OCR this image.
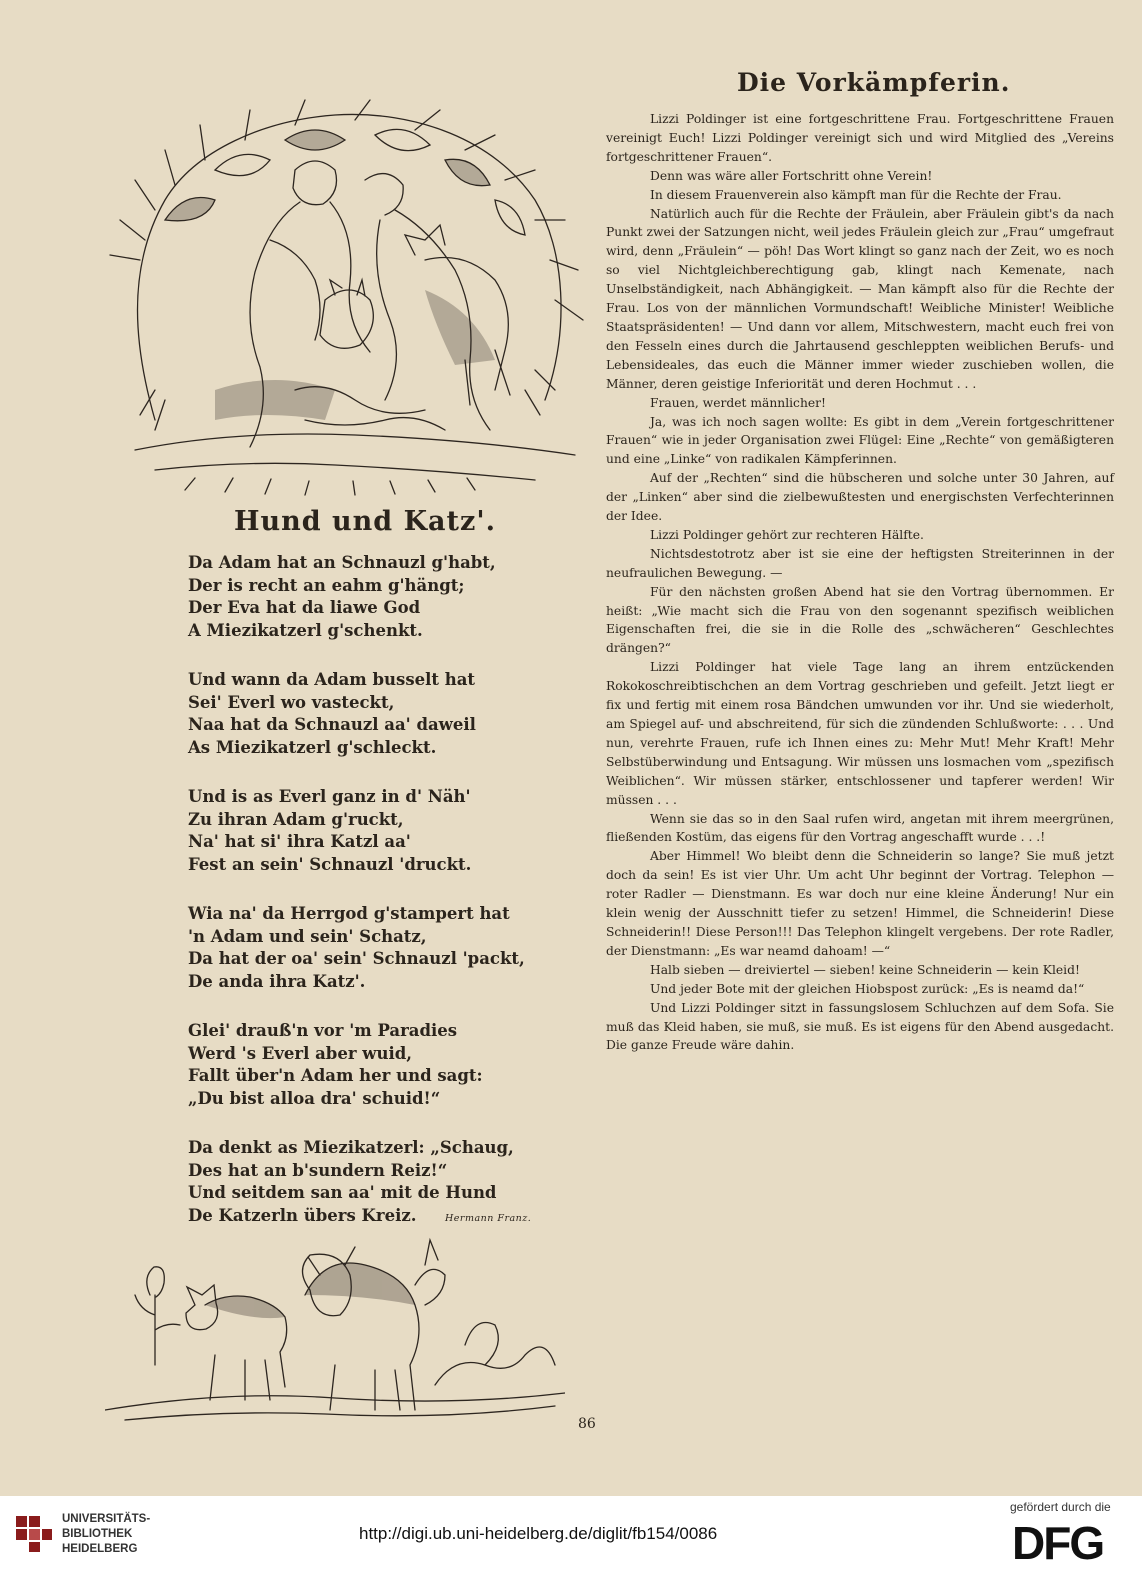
Hund und Katz'.
Da Adam hat an Schnauzl g'habt,
Der is recht an eahm g'hängt;
Der Eva hat da liawe God
A Miezikatzerl g'schenkt.
Und wann da Adam busselt hat
Sei' Everl wo vasteckt,
Naa hat da Schnauzl aa' daweil
As Miezikatzerl g'schleckt.
Und is as Everl ganz in d' Näh'
Zu ihran Adam g'ruckt,
Na' hat si' ihra Katzl aa'
Fest an sein' Schnauzl 'druckt.
Wia na' da Herrgod g'stampert hat
'n Adam und sein' Schatz,
Da hat der oa' sein' Schnauzl 'packt,
De anda ihra Katz'.
Glei' drauß'n vor 'm Paradies
Werd 's Everl aber wuid,
Fallt über'n Adam her und sagt:
„Du bist alloa dra' schuid!“
Da denkt as Miezikatzerl: „Schaug,
Des hat an b'sundern Reiz!“
Und seitdem san aa' mit de Hund
De Katzerln übers Kreiz.	Hermann Franz.
Die Vorkämpferin.

Lizzi Poldinger ist eine fortgeschrittene Frau. Fortgeschrittene Frauen vereinigt Euch! Lizzi Poldinger vereinigt sich und wird Mitglied des „Vereins fortgeschrittener Frauen“.

Denn was wäre aller Fortschritt ohne Verein!

In diesem Frauenverein also kämpft man für die Rechte der Frau.

Natürlich auch für die Rechte der Fräulein, aber Fräulein gibt's da nach Punkt zwei der Satzungen nicht, weil jedes Fräulein gleich zur „Frau“ umgefraut wird, denn „Fräulein“ — pöh! Das Wort klingt so ganz nach der Zeit, wo es noch so viel Nichtgleichberechtigung gab, klingt nach Kemenate, nach Unselbständigkeit, nach Abhängigkeit. — Man kämpft also für die Rechte der Frau. Los von der männlichen Vormundschaft! Weibliche Minister! Weibliche Staatspräsidenten! — Und dann vor allem, Mitschwestern, macht euch frei von den Fesseln eines durch die Jahrtausend geschleppten weiblichen Berufs- und Lebensideales, das euch die Männer immer wieder zuschieben wollen, die Männer, deren geistige Inferiorität und deren Hochmut . . .

Frauen, werdet männlicher!

Ja, was ich noch sagen wollte: Es gibt in dem „Verein fortgeschrittener Frauen“ wie in jeder Organisation zwei Flügel: Eine „Rechte“ von gemäßigteren und eine „Linke“ von radikalen Kämpferinnen.

Auf der „Rechten“ sind die hübscheren und solche unter 30 Jahren, auf der „Linken“ aber sind die zielbewußtesten und energischsten Verfechterinnen der Idee.

Lizzi Poldinger gehört zur rechteren Hälfte.

Nichtsdestotrotz aber ist sie eine der heftigsten Streiterinnen in der neufraulichen Bewegung. —

Für den nächsten großen Abend hat sie den Vortrag übernommen. Er heißt: „Wie macht sich die Frau von den sogenannt spezifisch weiblichen Eigenschaften frei, die sie in die Rolle des „schwächeren“ Geschlechtes drängen?“

Lizzi Poldinger hat viele Tage lang an ihrem entzückenden Rokokoschreibtischchen an dem Vortrag geschrieben und gefeilt. Jetzt liegt er fix und fertig mit einem rosa Bändchen umwunden vor ihr. Und sie wiederholt, am Spiegel auf- und abschreitend, für sich die zündenden Schlußworte: . . . Und nun, verehrte Frauen, rufe ich Ihnen eines zu: Mehr Mut! Mehr Kraft! Mehr Selbstüberwindung und Entsagung. Wir müssen uns losmachen vom „spezifisch Weiblichen“. Wir müssen stärker, entschlossener und tapferer werden! Wir müssen . . .

Wenn sie das so in den Saal rufen wird, angetan mit ihrem meergrünen, fließenden Kostüm, das eigens für den Vortrag angeschafft wurde . . .!

Aber Himmel! Wo bleibt denn die Schneiderin so lange? Sie muß jetzt doch da sein! Es ist vier Uhr. Um acht Uhr beginnt der Vortrag. Telephon — roter Radler — Dienstmann. Es war doch nur eine kleine Änderung! Nur ein klein wenig der Ausschnitt tiefer zu setzen! Himmel, die Schneiderin! Diese Schneiderin!! Diese Person!!! Das Telephon klingelt vergebens. Der rote Radler, der Dienstmann: „Es war neamd dahoam! —“

Halb sieben — dreiviertel — sieben! keine Schneiderin — kein Kleid!

Und jeder Bote mit der gleichen Hiobspost zurück: „Es is neamd da!“

Und Lizzi Poldinger sitzt in fassungslosem Schluchzen auf dem Sofa. Sie muß das Kleid haben, sie muß, sie muß. Es ist eigens für den Abend ausgedacht. Die ganze Freude wäre dahin.

86
UNIVERSITÄTS-
BIBLIOTHEK
HEIDELBERG
http://digi.ub.uni-heidelberg.de/diglit/fb154/0086
gefördert durch die
DFG
